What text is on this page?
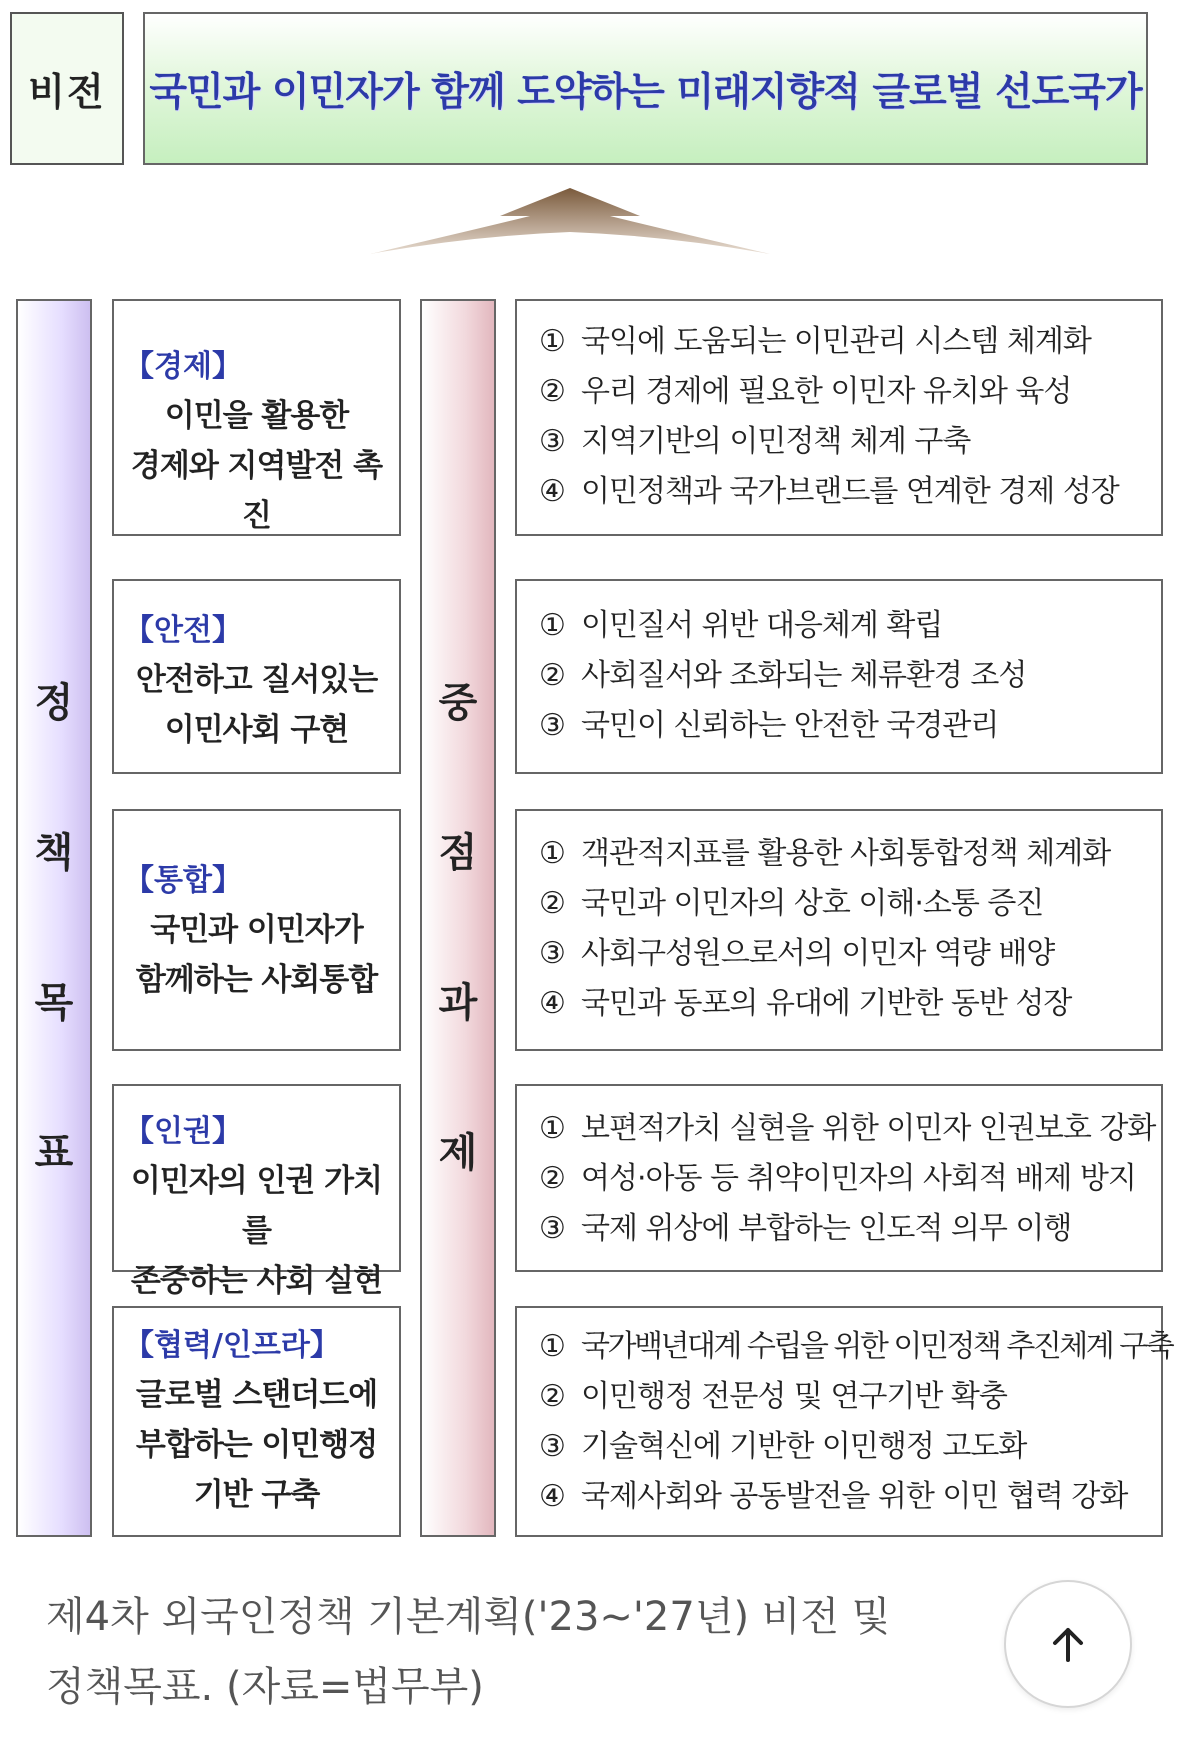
비전	국민과 이민자가 함께 도약하는 미래지향적 글로벌 선도국가
정
책
목
표
중
점
과
제
【경제】
이민을 활용한
경제와 지역발전 촉진
【안전】
안전하고 질서있는
이민사회 구현
【통합】
국민과 이민자가
함께하는 사회통합
【인권】
이민자의 인권 가치를
존중하는 사회 실현
【협력/인프라】
글로벌 스탠더드에
부합하는 이민행정
기반 구축
① 국익에 도움되는 이민관리 시스템 체계화
② 우리 경제에 필요한 이민자 유치와 육성
③ 지역기반의 이민정책 체계 구축
④ 이민정책과 국가브랜드를 연계한 경제 성장
① 이민질서 위반 대응체계 확립
② 사회질서와 조화되는 체류환경 조성
③ 국민이 신뢰하는 안전한 국경관리
① 객관적지표를 활용한 사회통합정책 체계화
② 국민과 이민자의 상호 이해·소통 증진
③ 사회구성원으로서의 이민자 역량 배양
④ 국민과 동포의 유대에 기반한 동반 성장
① 보편적가치 실현을 위한 이민자 인권보호 강화
② 여성·아동 등 취약이민자의 사회적 배제 방지
③ 국제 위상에 부합하는 인도적 의무 이행
① 국가백년대계 수립을 위한 이민정책 추진체계 구축
② 이민행정 전문성 및 연구기반 확충
③ 기술혁신에 기반한 이민행정 고도화
④ 국제사회와 공동발전을 위한 이민 협력 강화
제4차 외국인정책 기본계획('23~'27년) 비전 및
정책목표. (자료=법무부)
